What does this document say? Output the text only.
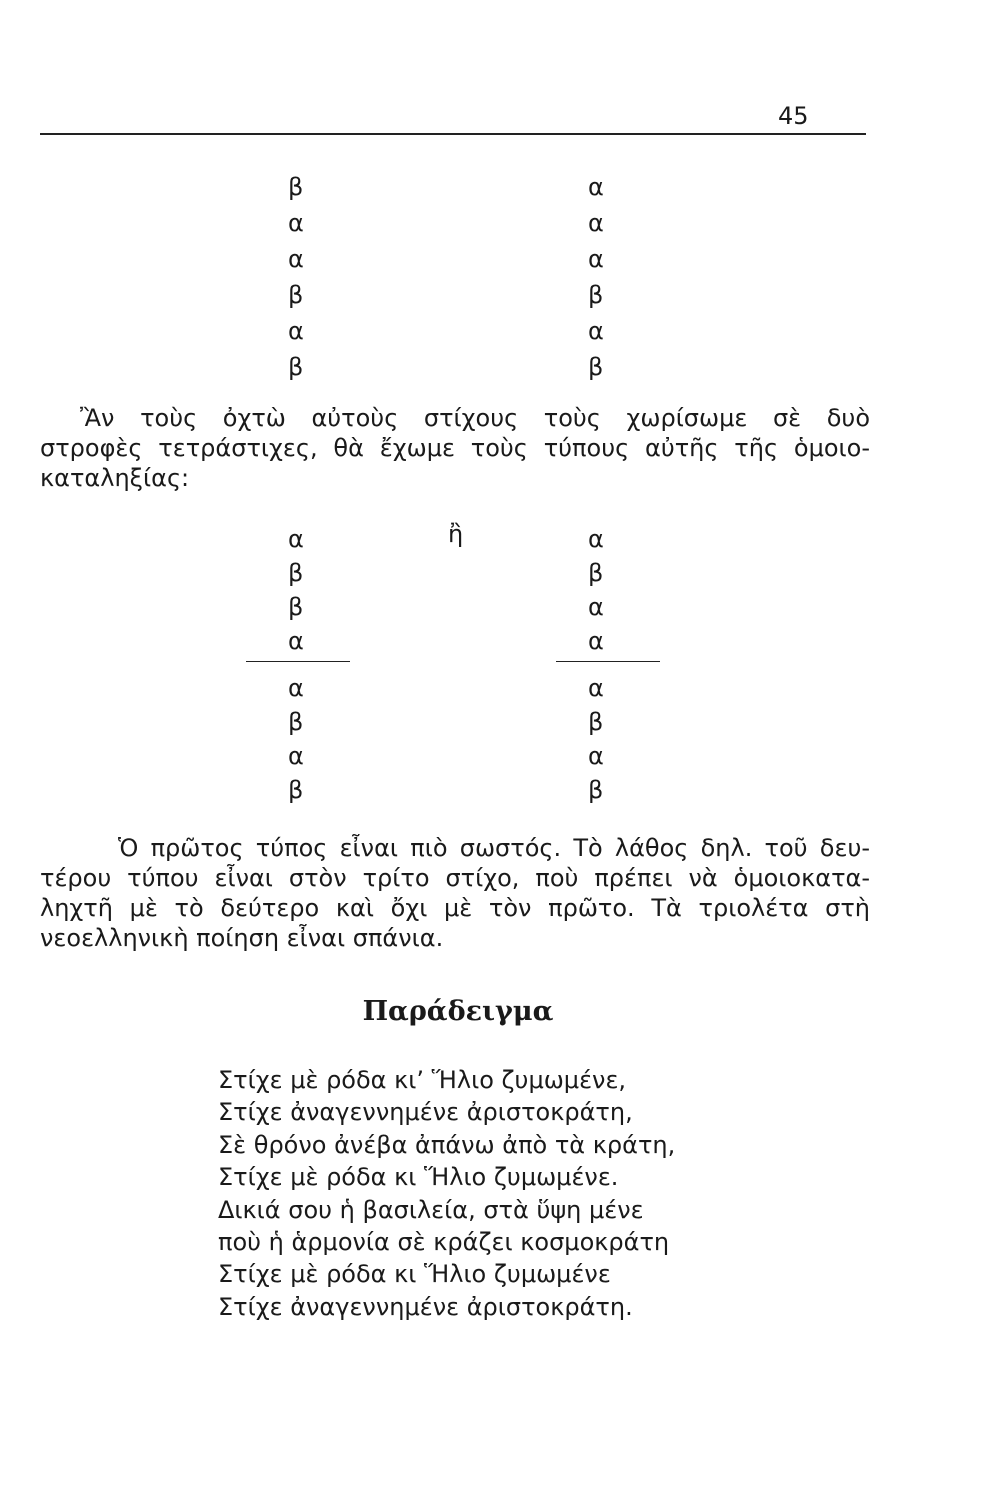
45
β	α
α	α
α	α
β	β
α	α
β	β
Ἂν τοὺς ὀχτὼ αὐτοὺς στίχους τοὺς χωρίσωμε σὲ δυὸ
στροφὲς τετράστιχες, θὰ ἔχωμε τοὺς τύπους αὐτῆς τῆς ὁμοιο-
καταληξίας:
ἢ
α	α
β	β
β	α
α	α
α	α
β	β
α	α
β	β
Ὁ πρῶτος τύπος εἶναι πιὸ σωστός. Τὸ λάθος δηλ. τοῦ δευ-
τέρου τύπου εἶναι στὸν τρίτο στίχο, ποὺ πρέπει νὰ ὁμοιοκατα-
ληχτῆ μὲ τὸ δεύτερο καὶ ὄχι μὲ τὸν πρῶτο. Τὰ τριολέτα στὴ
νεοελληνικὴ ποίηση εἶναι σπάνια.
Παράδειγμα
Στίχε μὲ ρόδα κι’ Ἥλιο ζυμωμένε,
Στίχε ἀναγεννημένε ἀριστοκράτη,
Σὲ θρόνο ἀνέβα ἀπάνω ἀπὸ τὰ κράτη,
Στίχε μὲ ρόδα κι Ἥλιο ζυμωμένε.
Δικιά σου ἡ βασιλεία, στὰ ὕψη μένε
ποὺ ἡ ἁρμονία σὲ κράζει κοσμοκράτη
Στίχε μὲ ρόδα κι Ἥλιο ζυμωμένε
Στίχε ἀναγεννημένε ἀριστοκράτη.
